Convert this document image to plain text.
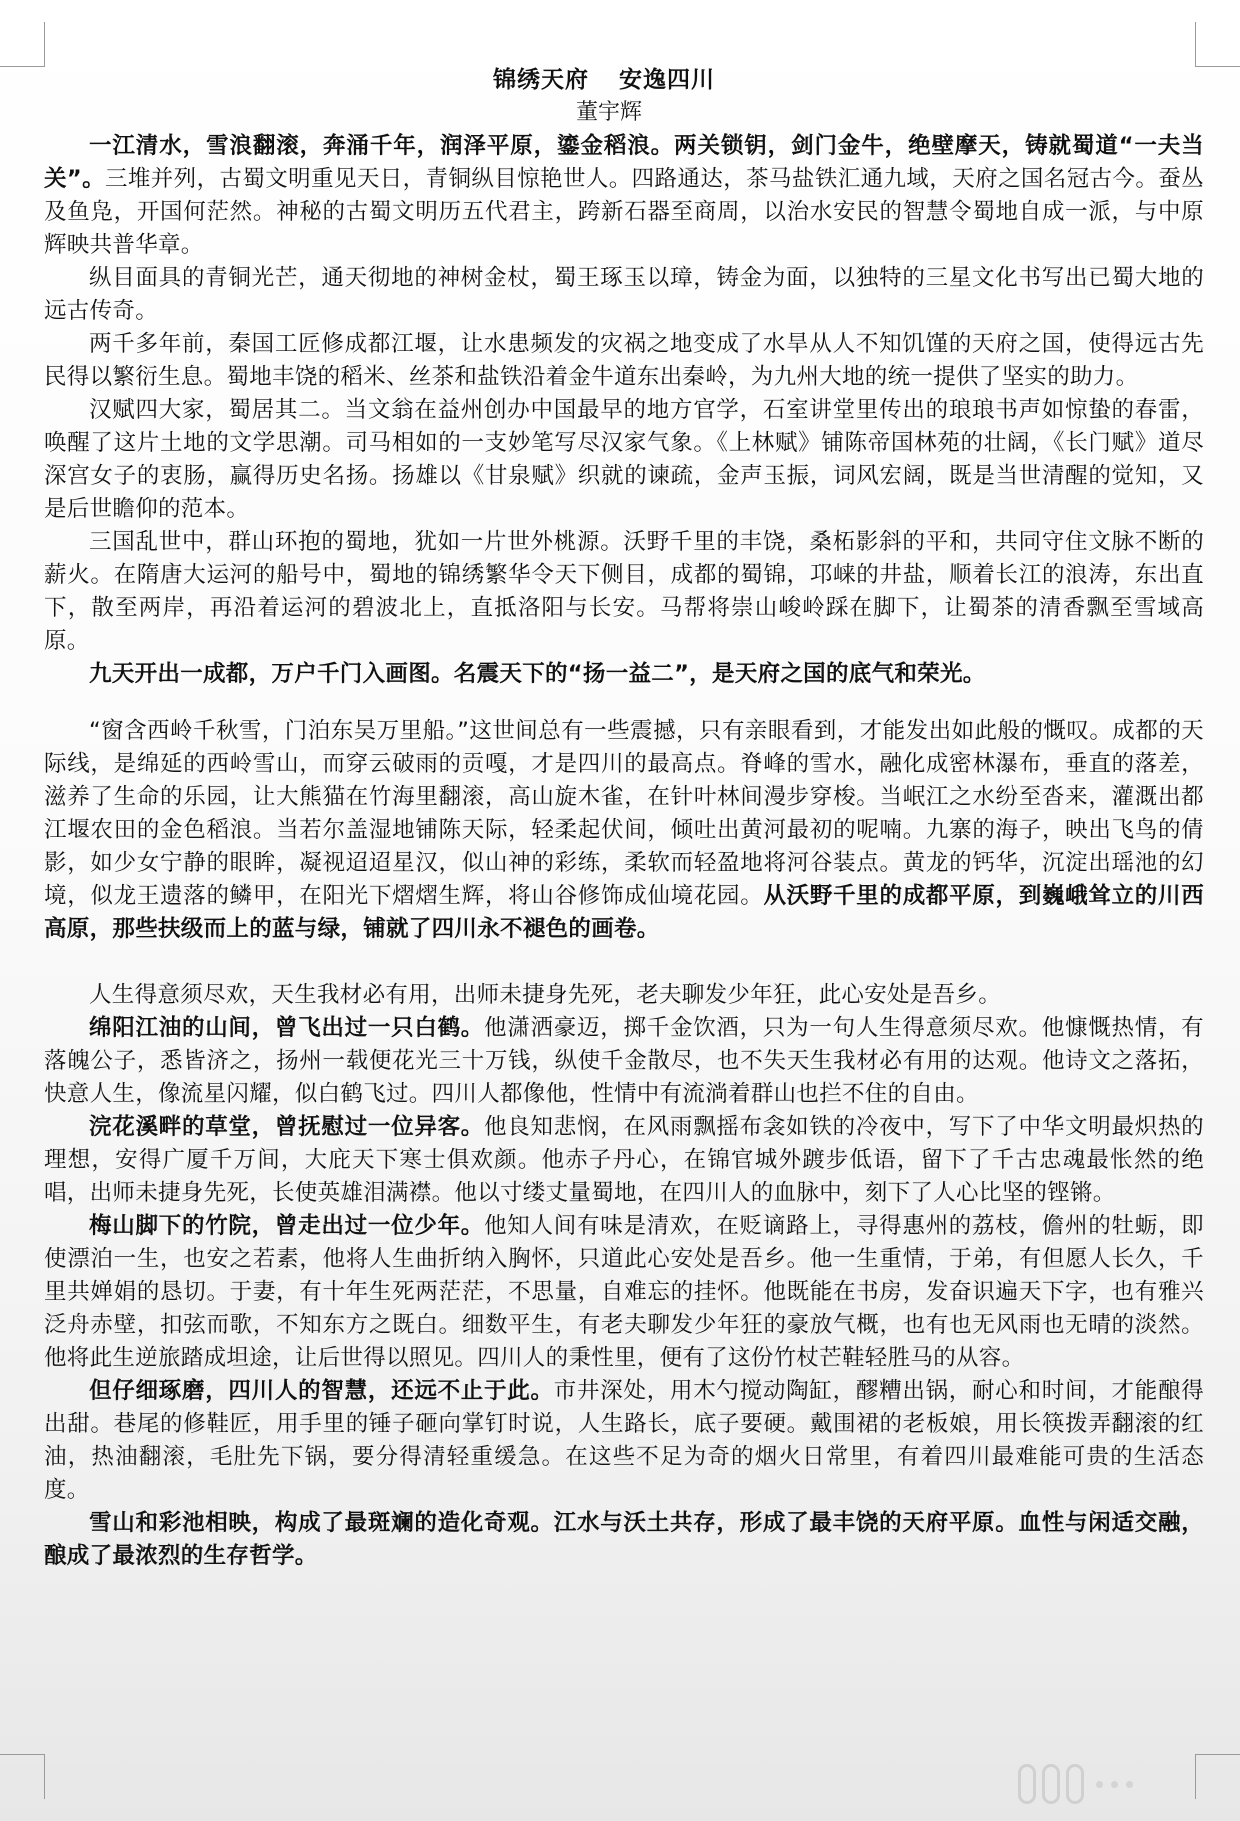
锦绣天府 安逸四川
董宇辉

一江清水，雪浪翻滚，奔涌千年，润泽平原，鎏金稻浪。两关锁钥，剑门金牛，绝壁摩天，铸就蜀道“一夫当关”。三堆并列，古蜀文明重见天日，青铜纵目惊艳世人。四路通达，茶马盐铁汇通九域，天府之国名冠古今。蚕丛及鱼凫，开国何茫然。神秘的古蜀文明历五代君主，跨新石器至商周，以治水安民的智慧令蜀地自成一派，与中原辉映共普华章。

纵目面具的青铜光芒，通天彻地的神树金杖，蜀王琢玉以璋，铸金为面，以独特的三星文化书写出已蜀大地的远古传奇。

两千多年前，秦国工匠修成都江堰，让水患频发的灾祸之地变成了水旱从人不知饥馑的天府之国，使得远古先民得以繁衍生息。蜀地丰饶的稻米、丝茶和盐铁沿着金牛道东出秦岭，为九州大地的统一提供了坚实的助力。

汉赋四大家，蜀居其二。当文翁在益州创办中国最早的地方官学，石室讲堂里传出的琅琅书声如惊蛰的春雷，唤醒了这片土地的文学思潮。司马相如的一支妙笔写尽汉家气象。《上林赋》铺陈帝国林苑的壮阔，《长门赋》道尽深宫女子的衷肠，赢得历史名扬。扬雄以《甘泉赋》织就的谏疏，金声玉振，词风宏阔，既是当世清醒的觉知，又是后世瞻仰的范本。

三国乱世中，群山环抱的蜀地，犹如一片世外桃源。沃野千里的丰饶，桑柘影斜的平和，共同守住文脉不断的薪火。在隋唐大运河的船号中，蜀地的锦绣繁华令天下侧目，成都的蜀锦，邛崃的井盐，顺着长江的浪涛，东出直下，散至两岸，再沿着运河的碧波北上，直抵洛阳与长安。马帮将崇山峻岭踩在脚下，让蜀茶的清香飘至雪域高原。

九天开出一成都，万户千门入画图。名震天下的“扬一益二”，是天府之国的底气和荣光。

“窗含西岭千秋雪，门泊东吴万里船。”这世间总有一些震撼，只有亲眼看到，才能发出如此般的慨叹。成都的天际线，是绵延的西岭雪山，而穿云破雨的贡嘎，才是四川的最高点。脊峰的雪水，融化成密林瀑布，垂直的落差，滋养了生命的乐园，让大熊猫在竹海里翻滚，高山旋木雀，在针叶林间漫步穿梭。当岷江之水纷至沓来，灌溉出都江堰农田的金色稻浪。当若尔盖湿地铺陈天际，轻柔起伏间，倾吐出黄河最初的呢喃。九寨的海子，映出飞鸟的倩影，如少女宁静的眼眸，凝视迢迢星汉，似山神的彩练，柔软而轻盈地将河谷装点。黄龙的钙华，沉淀出瑶池的幻境，似龙王遗落的鳞甲，在阳光下熠熠生辉，将山谷修饰成仙境花园。从沃野千里的成都平原，到巍峨耸立的川西高原，那些扶级而上的蓝与绿，铺就了四川永不褪色的画卷。

人生得意须尽欢，天生我材必有用，出师未捷身先死，老夫聊发少年狂，此心安处是吾乡。

绵阳江油的山间，曾飞出过一只白鹤。他潇洒豪迈，掷千金饮酒，只为一句人生得意须尽欢。他慷慨热情，有落魄公子，悉皆济之，扬州一载便花光三十万钱，纵使千金散尽，也不失天生我材必有用的达观。他诗文之落拓，快意人生，像流星闪耀，似白鹤飞过。四川人都像他，性情中有流淌着群山也拦不住的自由。

浣花溪畔的草堂，曾抚慰过一位异客。他良知悲悯，在风雨飘摇布衾如铁的冷夜中，写下了中华文明最炽热的理想，安得广厦千万间，大庇天下寒士俱欢颜。他赤子丹心，在锦官城外踱步低语，留下了千古忠魂最怅然的绝唱，出师未捷身先死，长使英雄泪满襟。他以寸缕丈量蜀地，在四川人的血脉中，刻下了人心比坚的铿锵。

梅山脚下的竹院，曾走出过一位少年。他知人间有味是清欢，在贬谪路上，寻得惠州的荔枝，儋州的牡蛎，即使漂泊一生，也安之若素，他将人生曲折纳入胸怀，只道此心安处是吾乡。他一生重情，于弟，有但愿人长久，千里共婵娟的恳切。于妻，有十年生死两茫茫，不思量，自难忘的挂怀。他既能在书房，发奋识遍天下字，也有雅兴泛舟赤壁，扣弦而歌，不知东方之既白。细数平生，有老夫聊发少年狂的豪放气概，也有也无风雨也无晴的淡然。他将此生逆旅踏成坦途，让后世得以照见。四川人的秉性里，便有了这份竹杖芒鞋轻胜马的从容。

但仔细琢磨，四川人的智慧，还远不止于此。市井深处，用木勺搅动陶缸，醪糟出锅，耐心和时间，才能酿得出甜。巷尾的修鞋匠，用手里的锤子砸向掌钉时说，人生路长，底子要硬。戴围裙的老板娘，用长筷拨弄翻滚的红油，热油翻滚，毛肚先下锅，要分得清轻重缓急。在这些不足为奇的烟火日常里，有着四川最难能可贵的生活态度。

雪山和彩池相映，构成了最斑斓的造化奇观。江水与沃土共存，形成了最丰饶的天府平原。血性与闲适交融，酿成了最浓烈的生存哲学。
